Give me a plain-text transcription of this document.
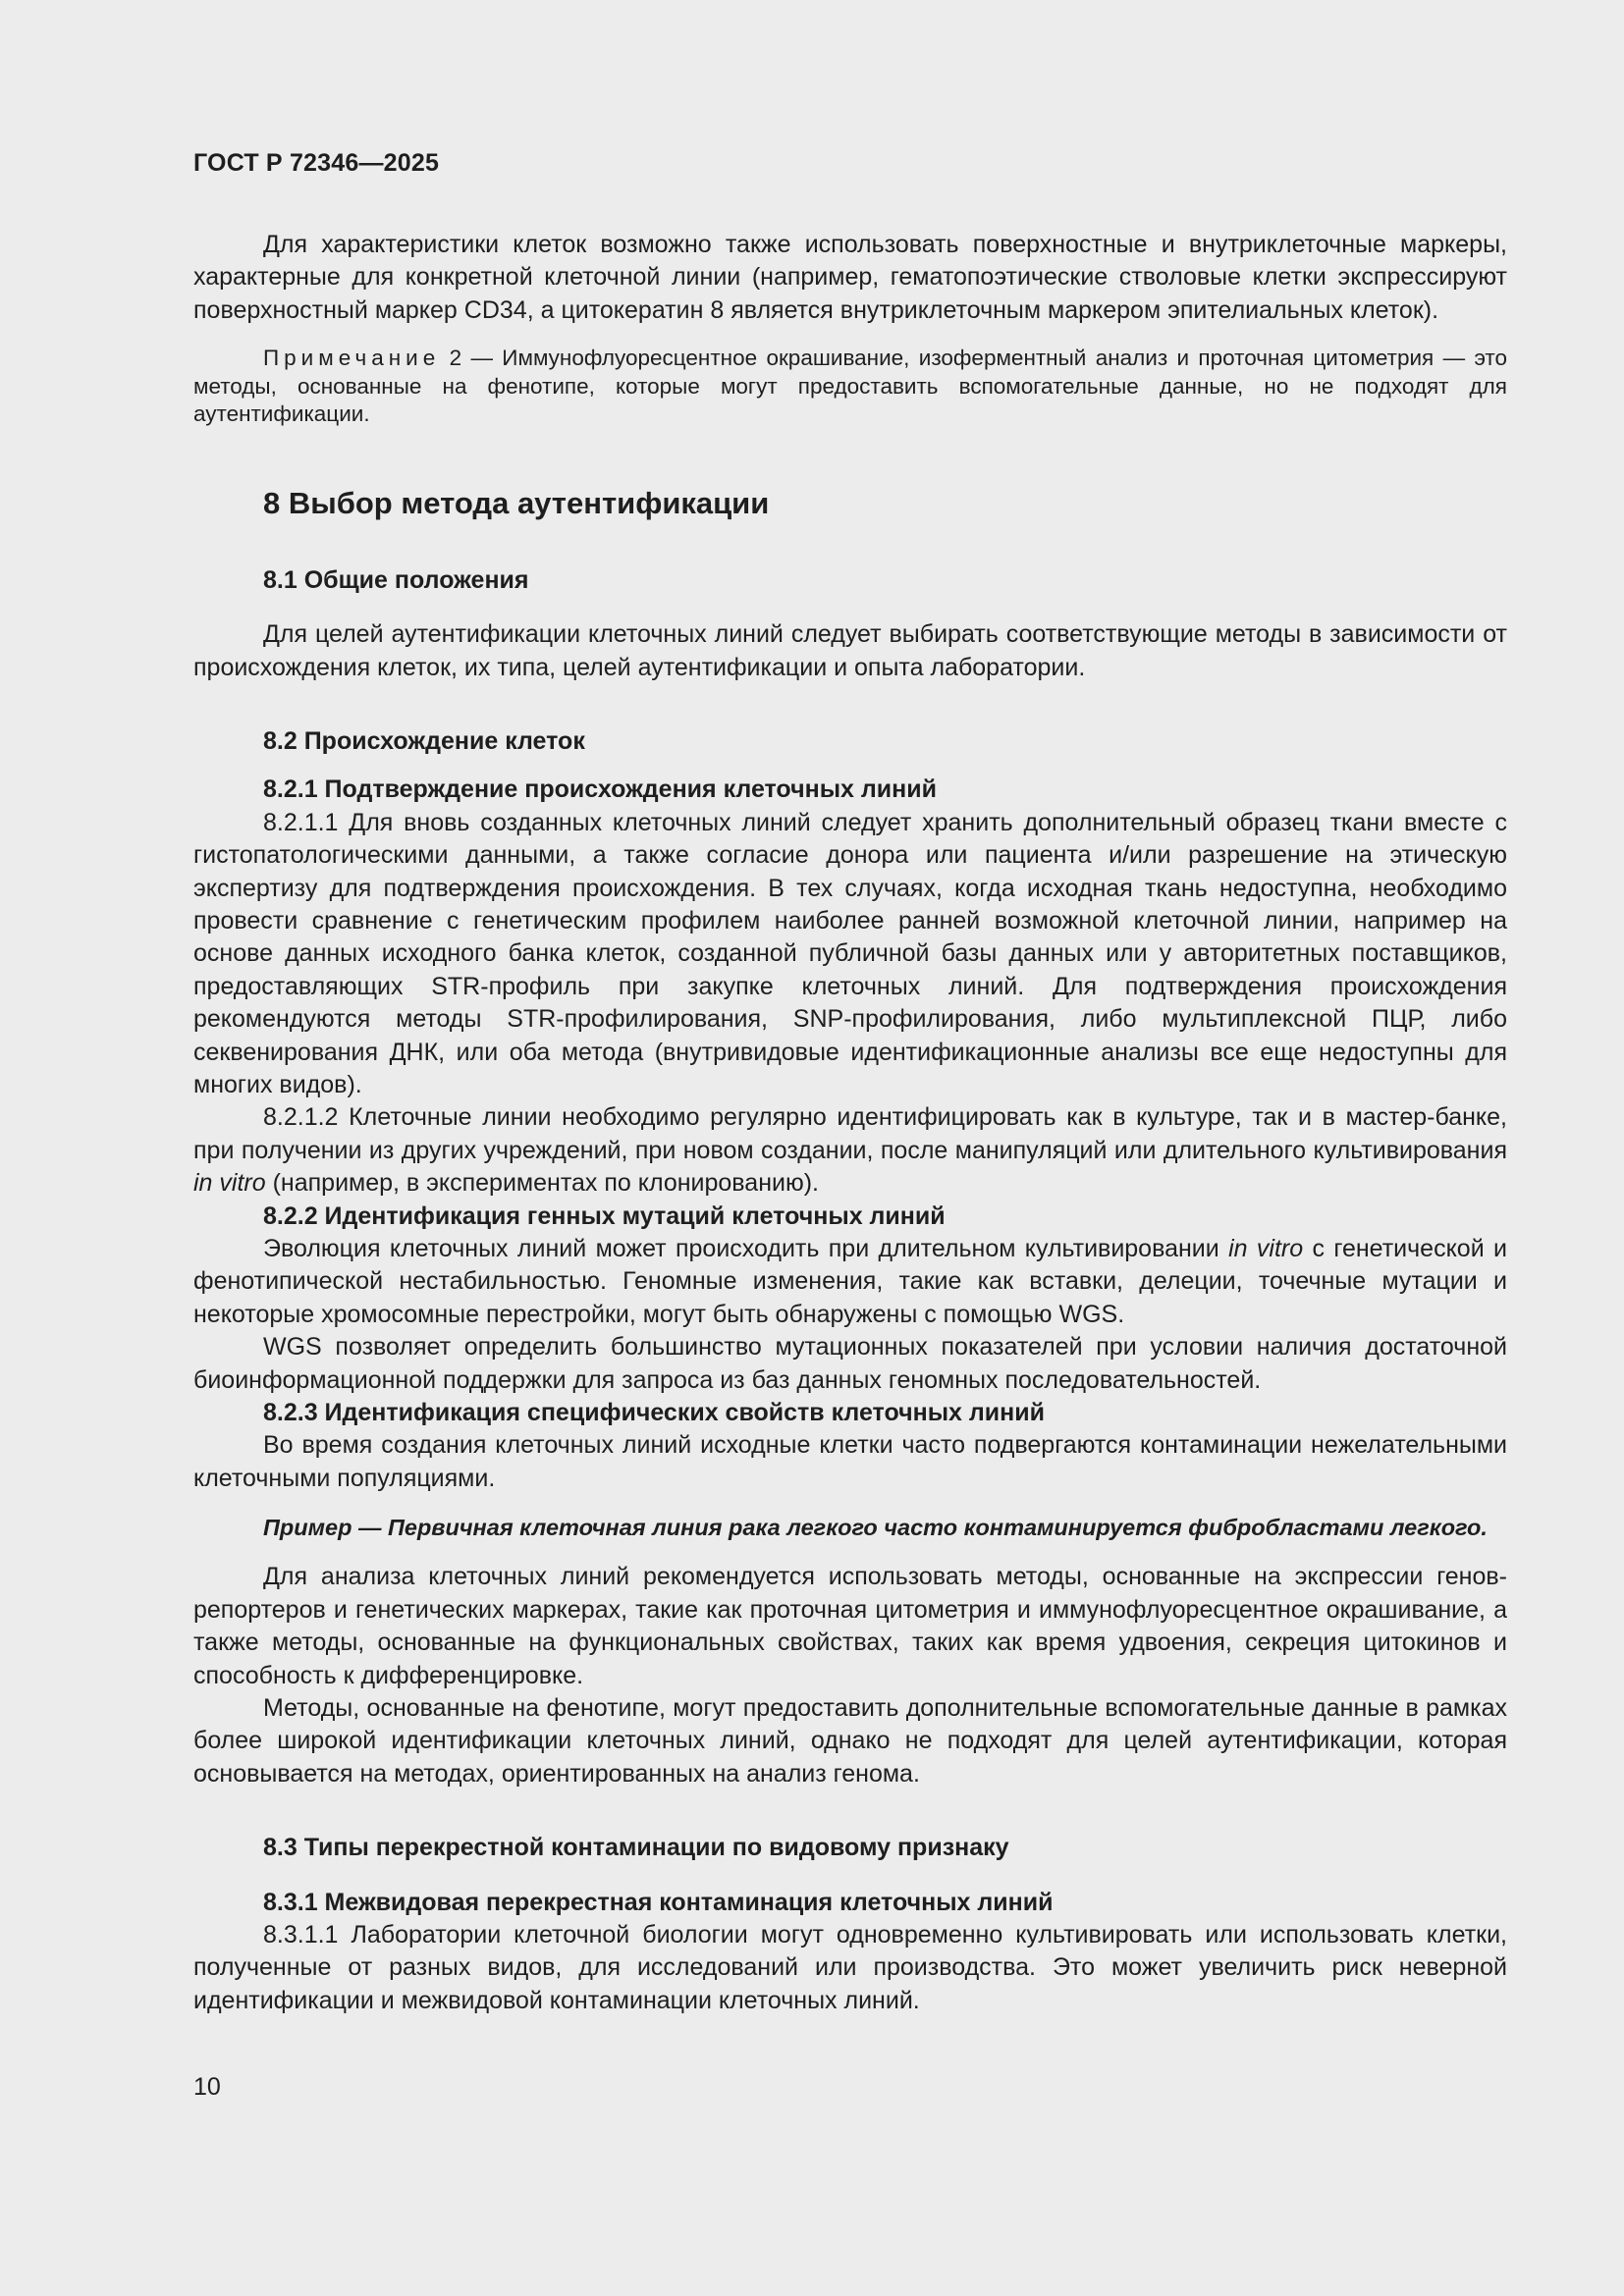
ГОСТ Р 72346—2025

Для характеристики клеток возможно также использовать поверхностные и внутриклеточные маркеры, характерные для конкретной клеточной линии (например, гематопоэтические стволовые клетки экспрессируют поверхностный маркер CD34, а цитокератин 8 является внутриклеточным маркером эпителиальных клеток).

Примечание 2 — Иммунофлуоресцентное окрашивание, изоферментный анализ и проточная цитометрия — это методы, основанные на фенотипе, которые могут предоставить вспомогательные данные, но не подходят для аутентификации.

8 Выбор метода аутентификации
8.1 Общие положения

Для целей аутентификации клеточных линий следует выбирать соответствующие методы в зависимости от происхождения клеток, их типа, целей аутентификации и опыта лаборатории.

8.2 Происхождение клеток
8.2.1 Подтверждение происхождения клеточных линий

8.2.1.1 Для вновь созданных клеточных линий следует хранить дополнительный образец ткани вместе с гистопатологическими данными, а также согласие донора или пациента и/или разрешение на этическую экспертизу для подтверждения происхождения. В тех случаях, когда исходная ткань недоступна, необходимо провести сравнение с генетическим профилем наиболее ранней возможной клеточной линии, например на основе данных исходного банка клеток, созданной публичной базы данных или у авторитетных поставщиков, предоставляющих STR-профиль при закупке клеточных линий. Для подтверждения происхождения рекомендуются методы STR-профилирования, SNP-профилирования, либо мультиплексной ПЦР, либо секвенирования ДНК, или оба метода (внутривидовые идентификационные анализы все еще недоступны для многих видов).

8.2.1.2 Клеточные линии необходимо регулярно идентифицировать как в культуре, так и в мастер-банке, при получении из других учреждений, при новом создании, после манипуляций или длительного культивирования in vitro (например, в экспериментах по клонированию).

8.2.2 Идентификация генных мутаций клеточных линий

Эволюция клеточных линий может происходить при длительном культивировании in vitro с генетической и фенотипической нестабильностью. Геномные изменения, такие как вставки, делеции, точечные мутации и некоторые хромосомные перестройки, могут быть обнаружены с помощью WGS.

WGS позволяет определить большинство мутационных показателей при условии наличия достаточной биоинформационной поддержки для запроса из баз данных геномных последовательностей.

8.2.3 Идентификация специфических свойств клеточных линий

Во время создания клеточных линий исходные клетки часто подвергаются контаминации нежелательными клеточными популяциями.

Пример — Первичная клеточная линия рака легкого часто контаминируется фибробластами легкого.

Для анализа клеточных линий рекомендуется использовать методы, основанные на экспрессии генов-репортеров и генетических маркерах, такие как проточная цитометрия и иммунофлуоресцентное окрашивание, а также методы, основанные на функциональных свойствах, таких как время удвоения, секреция цитокинов и способность к дифференцировке.

Методы, основанные на фенотипе, могут предоставить дополнительные вспомогательные данные в рамках более широкой идентификации клеточных линий, однако не подходят для целей аутентификации, которая основывается на методах, ориентированных на анализ генома.

8.3 Типы перекрестной контаминации по видовому признаку
8.3.1 Межвидовая перекрестная контаминация клеточных линий

8.3.1.1 Лаборатории клеточной биологии могут одновременно культивировать или использовать клетки, полученные от разных видов, для исследований или производства. Это может увеличить риск неверной идентификации и межвидовой контаминации клеточных линий.

10
